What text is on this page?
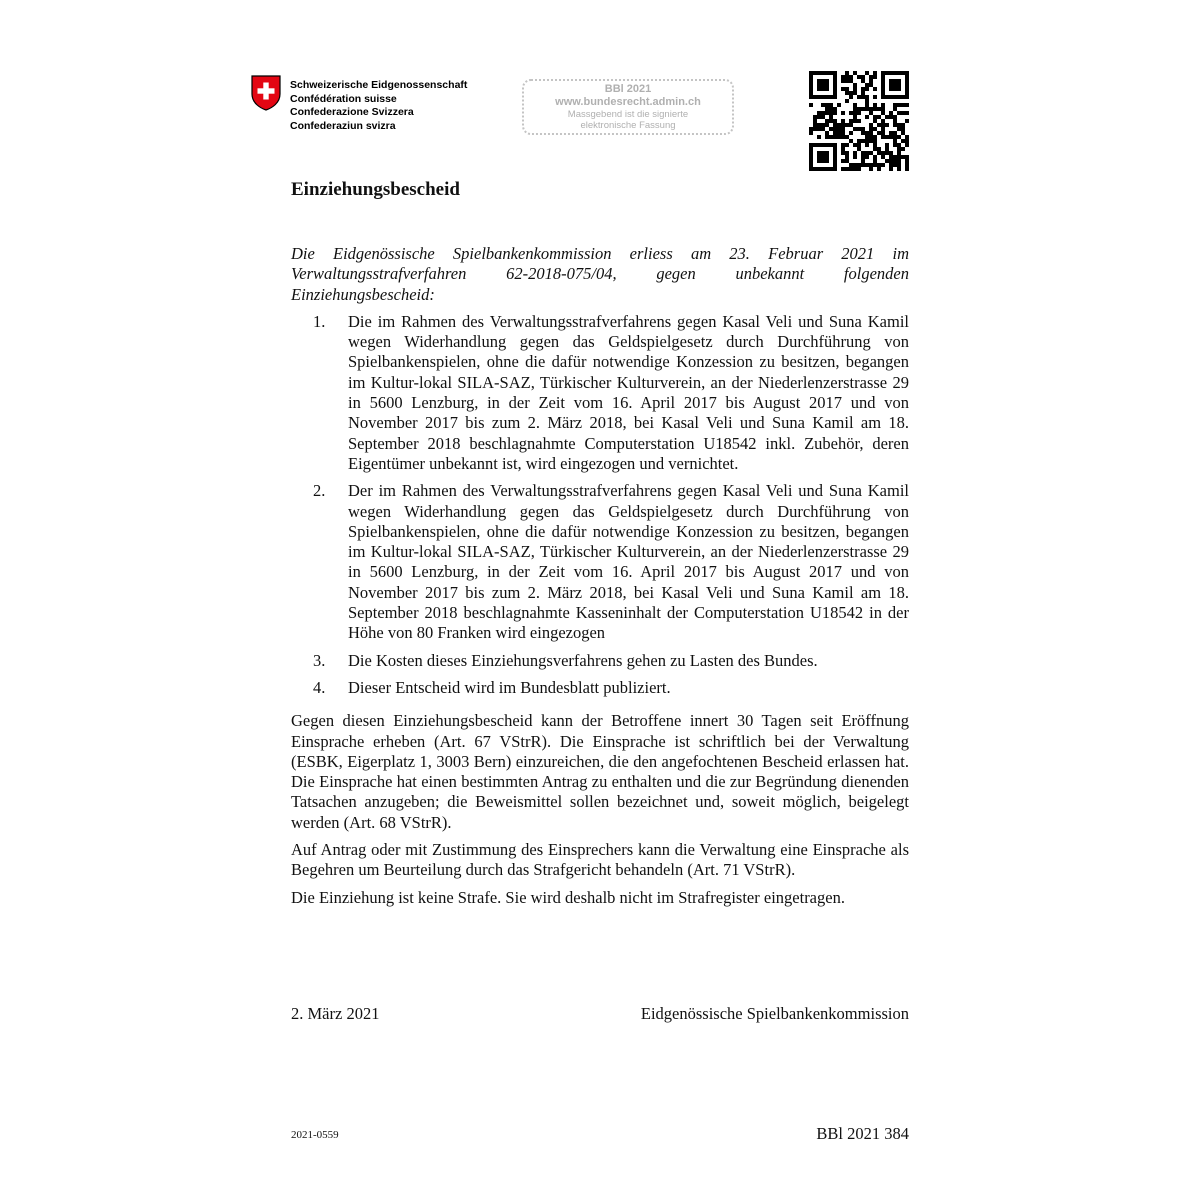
Schweizerische Eidgenossenschaft
Confédération suisse
Confederazione Svizzera
Confederaziun svizra
BBl 2021
www.bundesrecht.admin.ch
Massgebend ist die signierte
elektronische Fassung
Einziehungsbescheid

Die Eidgenössische Spielbankenkommission erliess am 23. Februar 2021 im Verwaltungsstrafverfahren 62-2018-075/04, gegen unbekannt folgenden Einziehungsbescheid:

1.	Die im Rahmen des Verwaltungsstrafverfahrens gegen Kasal Veli und Suna Kamil wegen Widerhandlung gegen das Geldspielgesetz durch Durchführung von Spielbankenspielen, ohne die dafür notwendige Konzession zu besitzen, begangen im Kultur-lokal SILA-SAZ, Türkischer Kulturverein, an der Niederlenzerstrasse 29 in 5600 Lenzburg, in der Zeit vom 16. April 2017 bis August 2017 und von November 2017 bis zum 2. März 2018, bei Kasal Veli und Suna Kamil am 18. September 2018 beschlagnahmte Computerstation U18542 inkl. Zubehör, deren Eigentümer unbekannt ist, wird eingezogen und vernichtet.
2.	Der im Rahmen des Verwaltungsstrafverfahrens gegen Kasal Veli und Suna Kamil wegen Widerhandlung gegen das Geldspielgesetz durch Durchführung von Spielbankenspielen, ohne die dafür notwendige Konzession zu besitzen, begangen im Kultur-lokal SILA-SAZ, Türkischer Kulturverein, an der Niederlenzerstrasse 29 in 5600 Lenzburg, in der Zeit vom 16. April 2017 bis August 2017 und von November 2017 bis zum 2. März 2018, bei Kasal Veli und Suna Kamil am 18. September 2018 beschlagnahmte Kasseninhalt der Computerstation U18542 in der Höhe von 80 Franken wird eingezogen
3.	Die Kosten dieses Einziehungsverfahrens gehen zu Lasten des Bundes.
4.	Dieser Entscheid wird im Bundesblatt publiziert.

Gegen diesen Einziehungsbescheid kann der Betroffene innert 30 Tagen seit Eröffnung Einsprache erheben (Art. 67 VStrR). Die Einsprache ist schriftlich bei der Verwaltung (ESBK, Eigerplatz 1, 3003 Bern) einzureichen, die den angefochtenen Bescheid erlassen hat. Die Einsprache hat einen bestimmten Antrag zu enthalten und die zur Begründung dienenden Tatsachen anzugeben; die Beweismittel sollen bezeichnet und, soweit möglich, beigelegt werden (Art. 68 VStrR).

Auf Antrag oder mit Zustimmung des Einsprechers kann die Verwaltung eine Einsprache als Begehren um Beurteilung durch das Strafgericht behandeln (Art. 71 VStrR).

Die Einziehung ist keine Strafe. Sie wird deshalb nicht im Strafregister eingetragen.

2. März 2021	Eidgenössische Spielbankenkommission
2021-0559	BBl 2021 384
